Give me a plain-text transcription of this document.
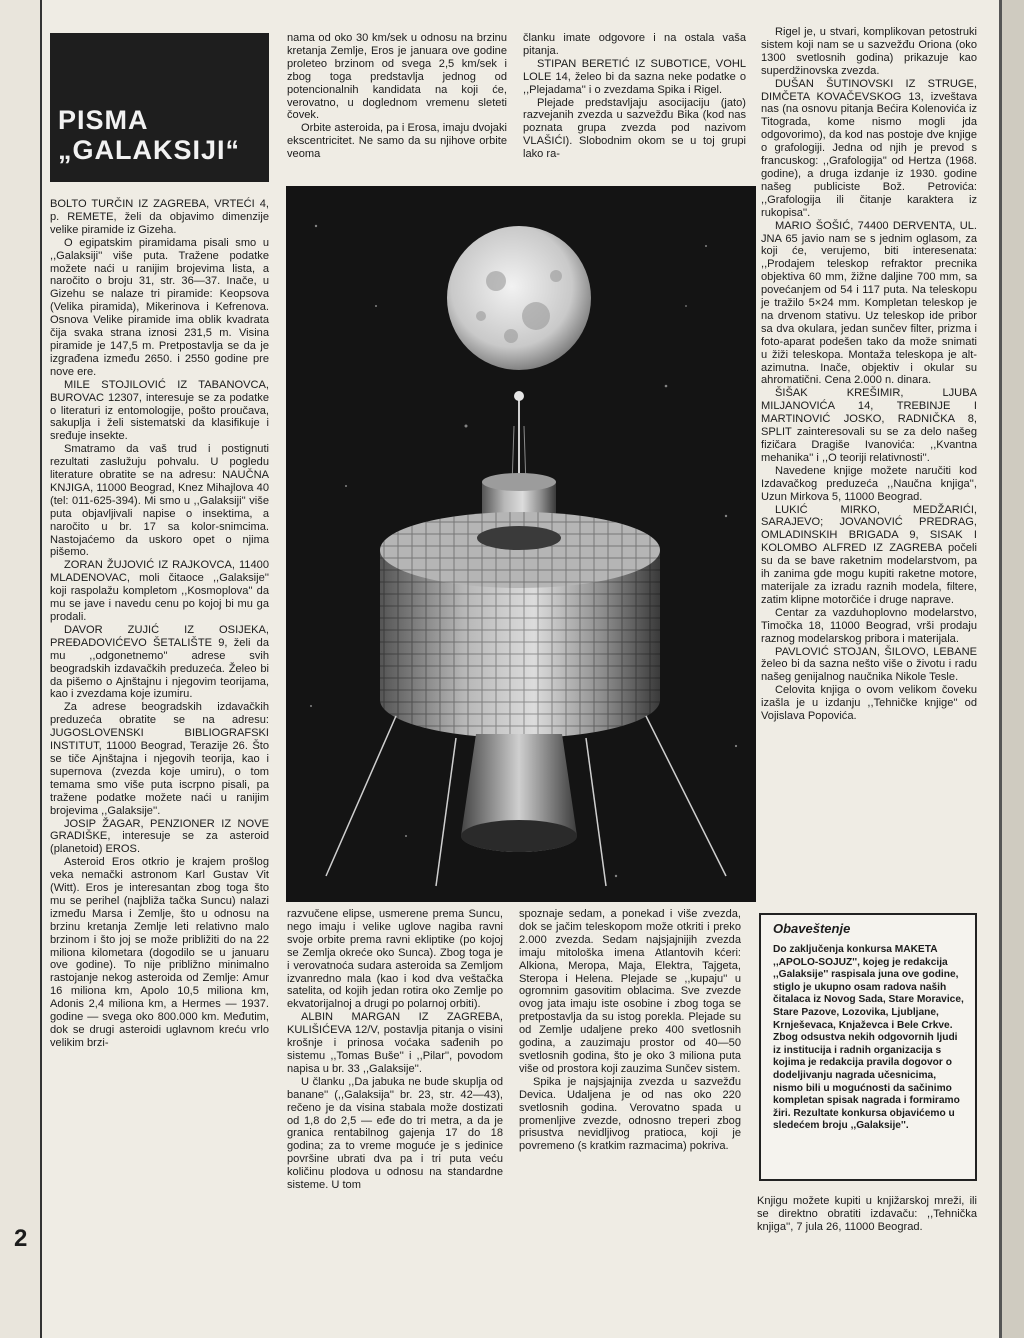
2
PISMA
„GALAKSIJI“

BOLTO TURČIN IZ ZAGREBA, VRTEĆI 4, p. REMETE, želi da objavimo dimenzije velike piramide iz Gizeha.

O egipatskim piramidama pisali smo u ,,Galaksiji'' više puta. Tražene podatke možete naći u ranijim brojevima lista, a naročito o broju 31, str. 36—37. Inače, u Gizehu se nalaze tri piramide: Keopsova (Velika piramida), Mikerinova i Kefrenova. Osnova Velike piramide ima oblik kvadrata čija svaka strana iznosi 231,5 m. Visina piramide je 147,5 m. Pretpostavlja se da je izgrađena između 2650. i 2550 godine pre nove ere.

MILE STOJILOVIĆ IZ TABANOVCA, BUROVAC 12307, interesuje se za podatke o literaturi iz entomologije, pošto proučava, sakuplja i želi sistematski da klasifikuje i sređuje insekte.

Smatramo da vaš trud i postignuti rezultati zaslužuju pohvalu. U pogledu literature obratite se na adresu: NAUČNA KNJIGA, 11000 Beograd, Knez Mihajlova 40 (tel: 011-625-394). Mi smo u ,,Galaksiji'' više puta objavljivali napise o insektima, a naročito u br. 17 sa kolor-snimcima. Nastojaćemo da uskoro opet o njima pišemo.

ZORAN ŽUJOVIĆ IZ RAJKOVCA, 11400 MLADENOVAC, moli čitaoce ,,Galaksije'' koji raspolažu kompletom ,,Kosmoplova'' da mu se jave i navedu cenu po kojoj bi mu ga prodali.

DAVOR ZUJIĆ IZ OSIJEKA, PREĐADOVIĆEVO ŠETALIŠTE 9, želi da mu ,,odgonetnemo'' adrese svih beogradskih izdavačkih preduzeća. Želeo bi da pišemo o Ajnštajnu i njegovim teorijama, kao i zvezdama koje izumiru.

Za adrese beogradskih izdavačkih preduzeća obratite se na adresu: JUGOSLOVENSKI BIBLIOGRAFSKI INSTITUT, 11000 Beograd, Terazije 26. Što se tiče Ajnštajna i njegovih teorija, kao i supernova (zvezda koje umiru), o tom temama smo više puta iscrpno pisali, pa tražene podatke možete naći u ranijim brojevima ,,Galaksije''.

JOSIP ŽAGAR, PENZIONER IZ NOVE GRADIŠKE, interesuje se za asteroid (planetoid) EROS.

Asteroid Eros otkrio je krajem prošlog veka nemački astronom Karl Gustav Vit (Witt). Eros je interesantan zbog toga što mu se perihel (najbliža tačka Suncu) nalazi između Marsa i Zemlje, što u odnosu na brzinu kretanja Zemlje leti relativno malo brzinom i što joj se može približiti do na 22 miliona kilometara (dogodilo se u januaru ove godine). To nije približno minimalno rastojanje nekog asteroida od Zemlje: Amur 16 miliona km, Apolo 10,5 miliona km, Adonis 2,4 miliona km, a Hermes — 1937. godine — svega oko 800.000 km. Međutim, dok se drugi asteroidi uglavnom kreću vrlo velikim brzi-

nama od oko 30 km/sek u odnosu na brzinu kretanja Zemlje, Eros je januara ove godine proleteo brzinom od svega 2,5 km/sek i zbog toga predstavlja jednog od potencionalnih kandidata na koji će, verovatno, u doglednom vremenu sleteti čovek.

Orbite asteroida, pa i Erosa, imaju dvojaki ekscentricitet. Ne samo da su njihove orbite veoma

članku imate odgovore i na ostala vaša pitanja.

STIPAN BERETIĆ IZ SUBOTICE, VOHL LOLE 14, želeo bi da sazna neke podatke o ,,Plejadama'' i o zvezdama Spika i Rigel.

Plejade predstavljaju asocijaciju (jato) razvejanih zvezda u sazvežđu Bika (kod nas poznata grupa zvezda pod nazivom VLAŠIĆI). Slobodnim okom se u toj grupi lako ra-

razvučene elipse, usmerene prema Suncu, nego imaju i velike uglove nagiba ravni svoje orbite prema ravni ekliptike (po kojoj se Zemlja okreće oko Sunca). Zbog toga je i verovatnoća sudara asteroida sa Zemljom izvanredno mala (kao i kod dva veštačka satelita, od kojih jedan rotira oko Zemlje po ekvatorijalnoj a drugi po polarnoj orbiti).

ALBIN MARGAN IZ ZAGREBA, KULIŠIĆEVA 12/V, postavlja pitanja o visini krošnje i prinosa voćaka sađenih po sistemu ,,Tomas Buše'' i ,,Pilar'', povodom napisa u br. 33 ,,Galaksije''.

U članku ,,Da jabuka ne bude skuplja od banane'' (,,Galaksija'' br. 23, str. 42—43), rečeno je da visina stabala može dostizati od 1,8 do 2,5 — eđe do tri metra, a da je granica rentabilnog gajenja 17 do 18 godina; za to vreme moguće je s jedinice površine ubrati dva pa i tri puta veću količinu plodova u odnosu na standardne sisteme. U tom

spoznaje sedam, a ponekad i više zvezda, dok se jačim teleskopom može otkriti i preko 2.000 zvezda. Sedam najsjajnijih zvezda imaju mitološka imena Atlantovih kćeri: Alkiona, Meropa, Maja, Elektra, Tajgeta, Steropa i Helena. Plejade se ,,kupaju'' u ogromnim gasovitim oblacima. Sve zvezde ovog jata imaju iste osobine i zbog toga se pretpostavlja da su istog porekla. Plejade su od Zemlje udaljene preko 400 svetlosnih godina, a zauzimaju prostor od 40—50 svetlosnih godina, što je oko 3 miliona puta više od prostora koji zauzima Sunčev sistem.

Spika je najsjajnija zvezda u sazvežđu Devica. Udaljena je od nas oko 220 svetlosnih godina. Verovatno spada u promenljive zvezde, odnosno treperi zbog prisustva nevidljivog pratioca, koji je povremeno (s kratkim razmacima) pokriva.

Rigel je, u stvari, komplikovan petostruki sistem koji nam se u sazvežđu Oriona (oko 1300 svetlosnih godina) prikazuje kao superdžinovska zvezda.

DUŠAN ŠUTINOVSKI IZ STRUGE, DIMČETA KOVAČEVSKOG 13, izveštava nas (na osnovu pitanja Bećira Kolenovića iz Titograda, kome nismo mogli jda odgovorimo), da kod nas postoje dve knjige o grafologiji. Jedna od njih je prevod s francuskog: ,,Grafologija'' od Hertza (1968. godine), a druga izdanje iz 1930. godine našeg publiciste Bož. Petrovića: ,,Grafologija ili čitanje karaktera iz rukopisa''.

MARIO ŠOŠIĆ, 74400 DERVENTA, UL. JNA 65 javio nam se s jednim oglasom, za koji će, verujemo, biti interesenata: ,,Prodajem teleskop refraktor precnika objektiva 60 mm, žižne daljine 700 mm, sa povećanjem od 54 i 117 puta. Na teleskopu je tražilo 5×24 mm. Kompletan teleskop je na drvenom stativu. Uz teleskop ide pribor sa dva okulara, jedan sunčev filter, prizma i foto-aparat podešen tako da može snimati u žiži teleskopa. Montaža teleskopa je alt-azimutna. Inače, objektiv i okular su ahromatični. Cena 2.000 n. dinara.

ŠIŠAK KREŠIMIR, LJUBA MILJANOVIĆA 14, TREBINJE I MARTINOVIĆ JOSKO, RADNIČKA 8, SPLIT zainteresovali su se za delo našeg fizičara Dragiše Ivanovića: ,,Kvantna mehanika'' i ,,O teoriji relativnosti''.

Navedene knjige možete naručiti kod Izdavačkog preduzeća ,,Naučna knjiga'', Uzun Mirkova 5, 11000 Beograd.

LUKIĆ MIRKO, MEDŽARIĆI, SARAJEVO; JOVANOVIĆ PREDRAG, OMLADINSKIH BRIGADA 9, SISAK I KOLOMBO ALFRED IZ ZAGREBA počeli su da se bave raketnim modelarstvom, pa ih zanima gde mogu kupiti raketne motore, materijale za izradu raznih modela, filtere, zatim klipne motorčiće i druge naprave.

Centar za vazduhoplovno modelarstvo, Timočka 18, 11000 Beograd, vrši prodaju raznog modelarskog pribora i materijala.

PAVLOVIĆ STOJAN, ŠILOVO, LEBANE želeo bi da sazna nešto više o životu i radu našeg genijalnog naučnika Nikole Tesle.

Celovita knjiga o ovom velikom čoveku izašla je u izdanju ,,Tehničke knjige'' od Vojislava Popovića.

Obaveštenje
Do zaključenja konkursa MAKETA ,,APOLO-SOJUZ'', kojeg je redakcija ,,Galaksije'' raspisala juna ove godine, stiglo je ukupno osam radova naših čitalaca iz Novog Sada, Stare Moravice, Stare Pazove, Lozovika, Ljubljane, Krnješevaca, Knjaževca i Bele Crkve. Zbog odsustva nekih odgovornih ljudi iz institucija i radnih organizacija s kojima je redakcija pravila dogovor o dodeljivanju nagrada učesnicima, nismo bili u mogućnosti da sačinimo kompletan spisak nagrada i formiramo žiri. Rezultate konkursa objavićemo u sledećem broju ,,Galaksije''.

Knjigu možete kupiti u knjižarskoj mreži, ili se direktno obratiti izdavaču: ,,Tehnička knjiga'', 7 jula 26, 11000 Beograd.
